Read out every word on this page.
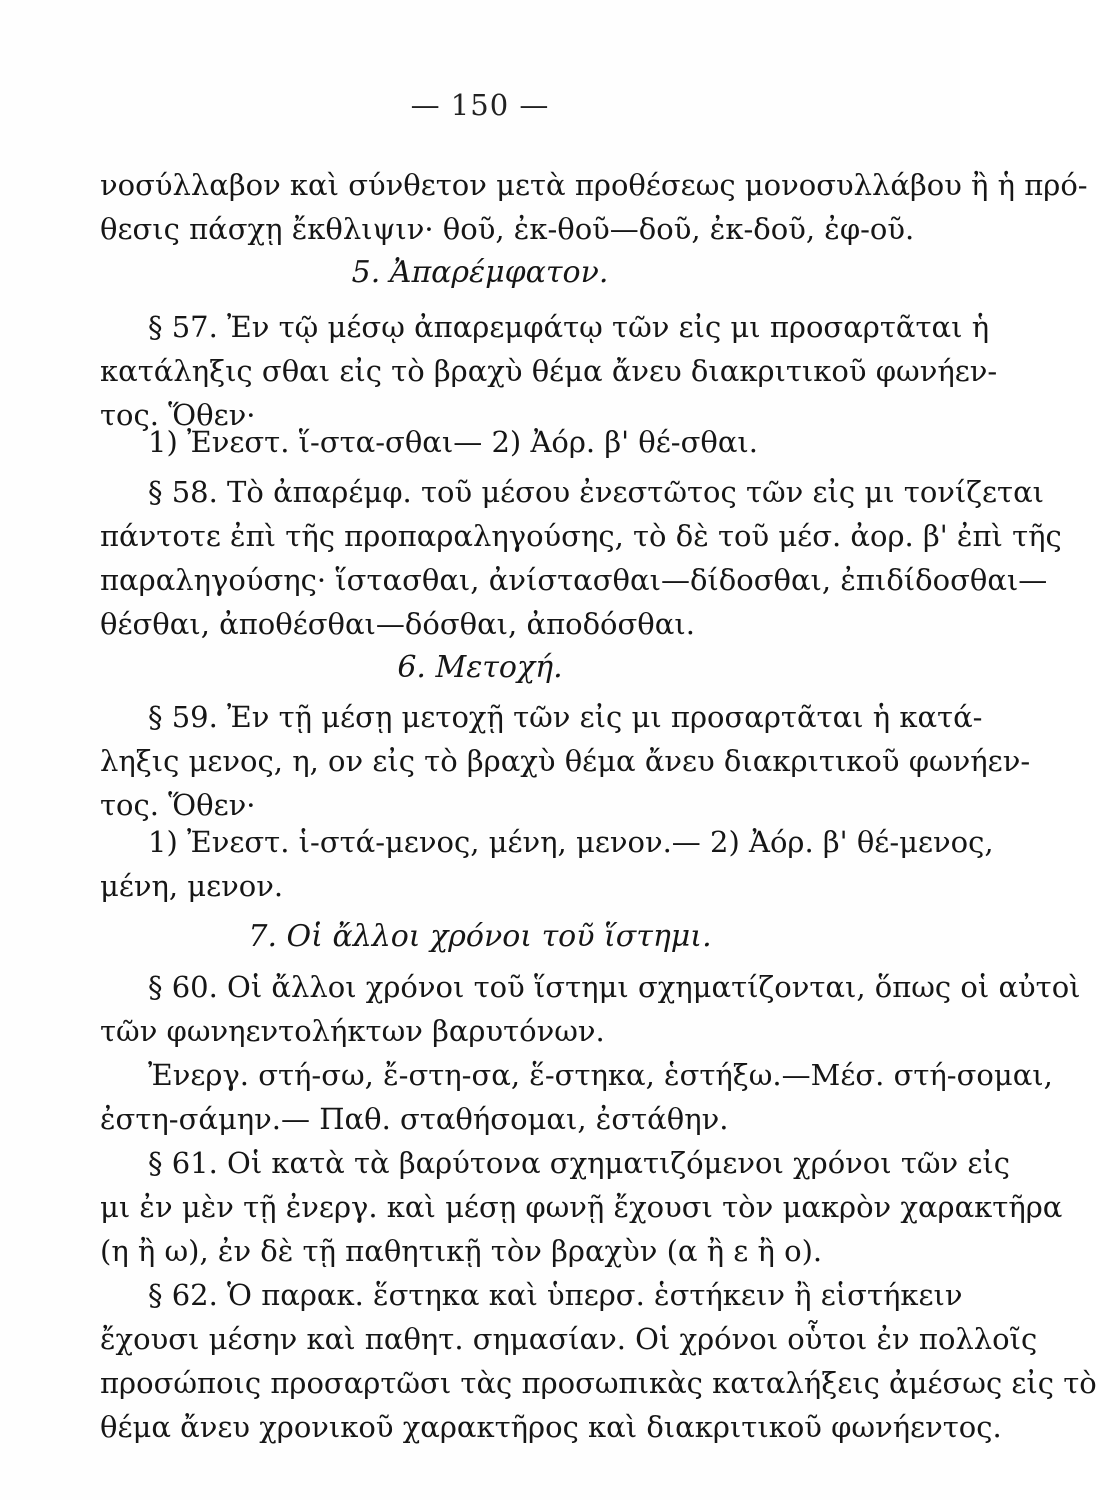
— 150 —
νοσύλλαβον καὶ σύνθετον μετὰ προθέσεως μονοσυλλάβου ἢ ἡ πρό-
θεσις πάσχῃ ἔκθλιψιν· θοῦ, ἐκ-θοῦ—δοῦ, ἐκ-δοῦ, ἐφ-οῦ.
5. Ἀπαρέμφατον.
§ 57. Ἐν τῷ μέσῳ ἀπαρεμφάτῳ τῶν εἰς μι προσαρτᾶται ἡ
κατάληξις σθαι εἰς τὸ βραχὺ θέμα ἄνευ διακριτικοῦ φωνήεν-
τος. Ὅθεν·
1) Ἐνεστ. ἵ-στα-σθαι— 2) Ἀόρ. β' θέ-σθαι.
§ 58. Τὸ ἀπαρέμφ. τοῦ μέσου ἐνεστῶτος τῶν εἰς μι τονίζεται
πάντοτε ἐπὶ τῆς προπαραληγούσης, τὸ δὲ τοῦ μέσ. ἀορ. β' ἐπὶ τῆς
παραληγούσης· ἵστασθαι, ἀνίστασθαι—δίδοσθαι, ἐπιδίδοσθαι—
θέσθαι, ἀποθέσθαι—δόσθαι, ἀποδόσθαι.
6. Μετοχή.
§ 59. Ἐν τῇ μέσῃ μετοχῇ τῶν εἰς μι προσαρτᾶται ἡ κατά-
ληξις μενος, η, ον εἰς τὸ βραχὺ θέμα ἄνευ διακριτικοῦ φωνήεν-
τος. Ὅθεν·
1) Ἐνεστ. ἱ-στά-μενος, μένη, μενον.— 2) Ἀόρ. β' θέ-μενος,
μένη, μενον.
7. Οἱ ἄλλοι χρόνοι τοῦ ἵστημι.
§ 60. Οἱ ἄλλοι χρόνοι τοῦ ἵστημι σχηματίζονται, ὅπως οἱ αὐτοὶ
τῶν φωνηεντολήκτων βαρυτόνων.
Ἐνεργ. στή-σω, ἔ-στη-σα, ἕ-στηκα, ἑστήξω.—Μέσ. στή-σομαι,
ἐστη-σάμην.— Παθ. σταθήσομαι, ἐστάθην.
§ 61. Οἱ κατὰ τὰ βαρύτονα σχηματιζόμενοι χρόνοι τῶν εἰς
μι ἐν μὲν τῇ ἐνεργ. καὶ μέσῃ φωνῇ ἔχουσι τὸν μακρὸν χαρακτῆρα
(η ἢ ω), ἐν δὲ τῇ παθητικῇ τὸν βραχὺν (α ἢ ε ἢ ο).
§ 62. Ὁ παρακ. ἕστηκα καὶ ὑπερσ. ἑστήκειν ἢ εἱστήκειν
ἔχουσι μέσην καὶ παθητ. σημασίαν. Οἱ χρόνοι οὗτοι ἐν πολλοῖς
προσώποις προσαρτῶσι τὰς προσωπικὰς καταλήξεις ἀμέσως εἰς τὸ
θέμα ἄνευ χρονικοῦ χαρακτῆρος καὶ διακριτικοῦ φωνήεντος.
